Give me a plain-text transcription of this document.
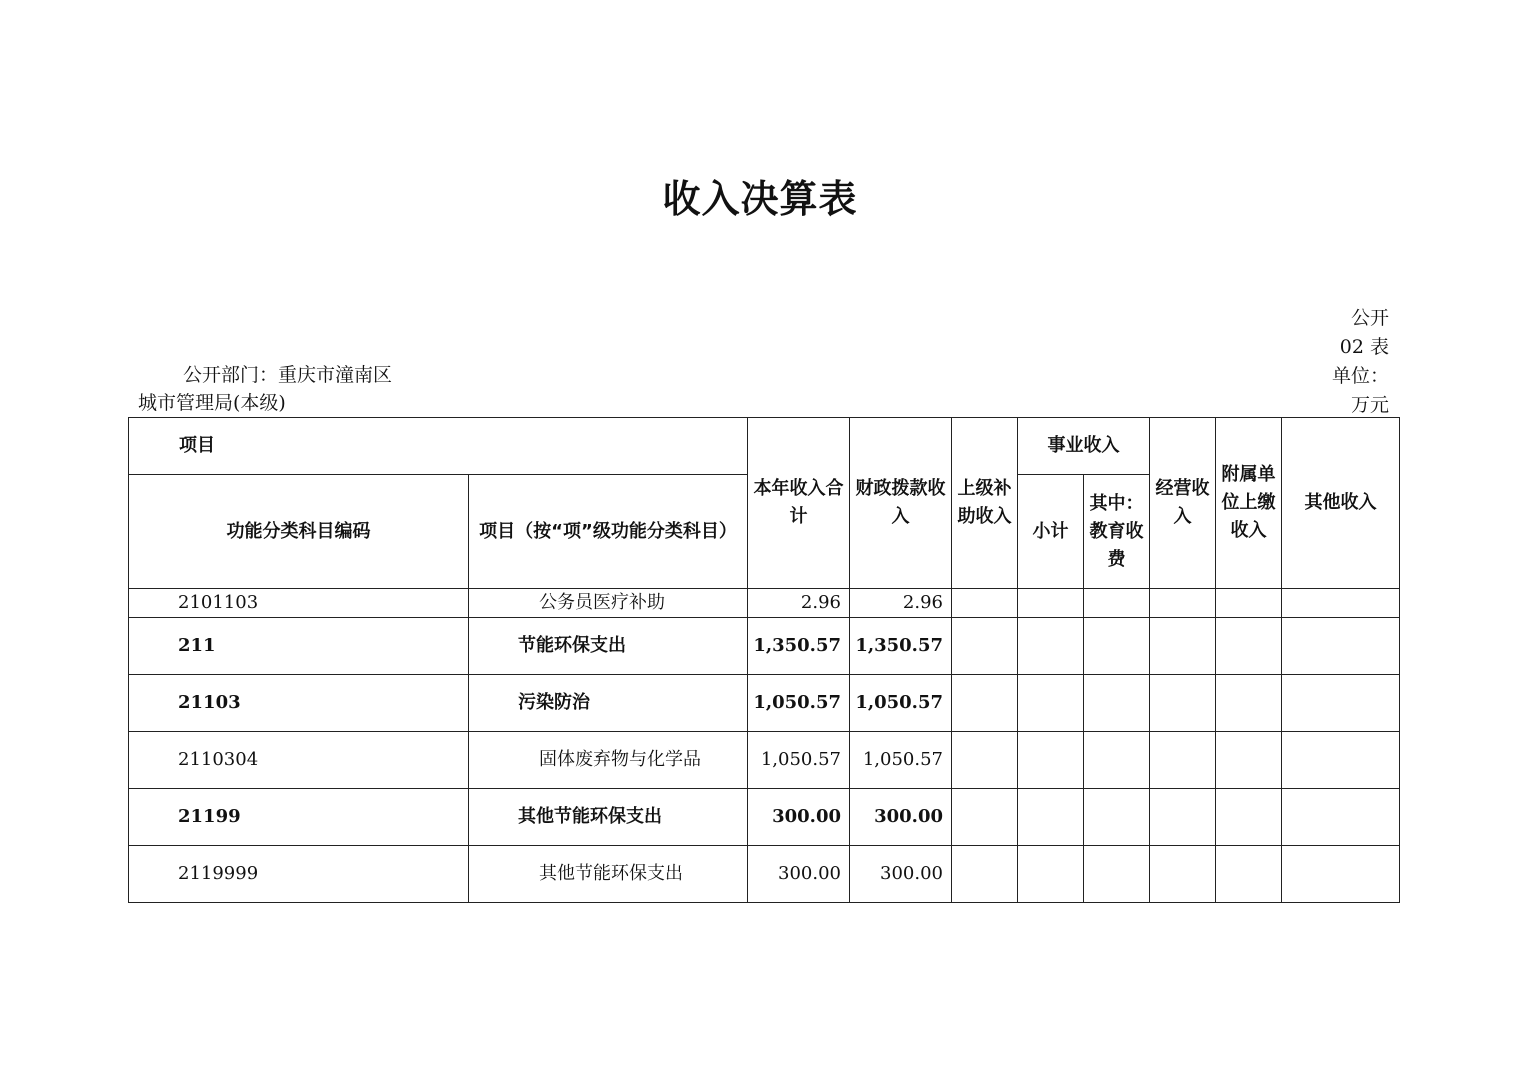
收入决算表
公开
02 表
单位：
万元
公开部门：重庆市潼南区
城市管理局(本级)
项目		本年收入合计	财政拨款收入	上级补助收入	事业收入		经营收入	附属单位上缴收入	其他收入
功能分类科目编码	项目（按“项”级功能分类科目）				小计	其中：教育收费			
2101103	公务员医疗补助	2.96	2.96						
211	节能环保支出	1,350.57	1,350.57						
21103	污染防治	1,050.57	1,050.57						
2110304	固体废弃物与化学品	1,050.57	1,050.57						
21199	其他节能环保支出	300.00	300.00						
2119999	其他节能环保支出	300.00	300.00						
